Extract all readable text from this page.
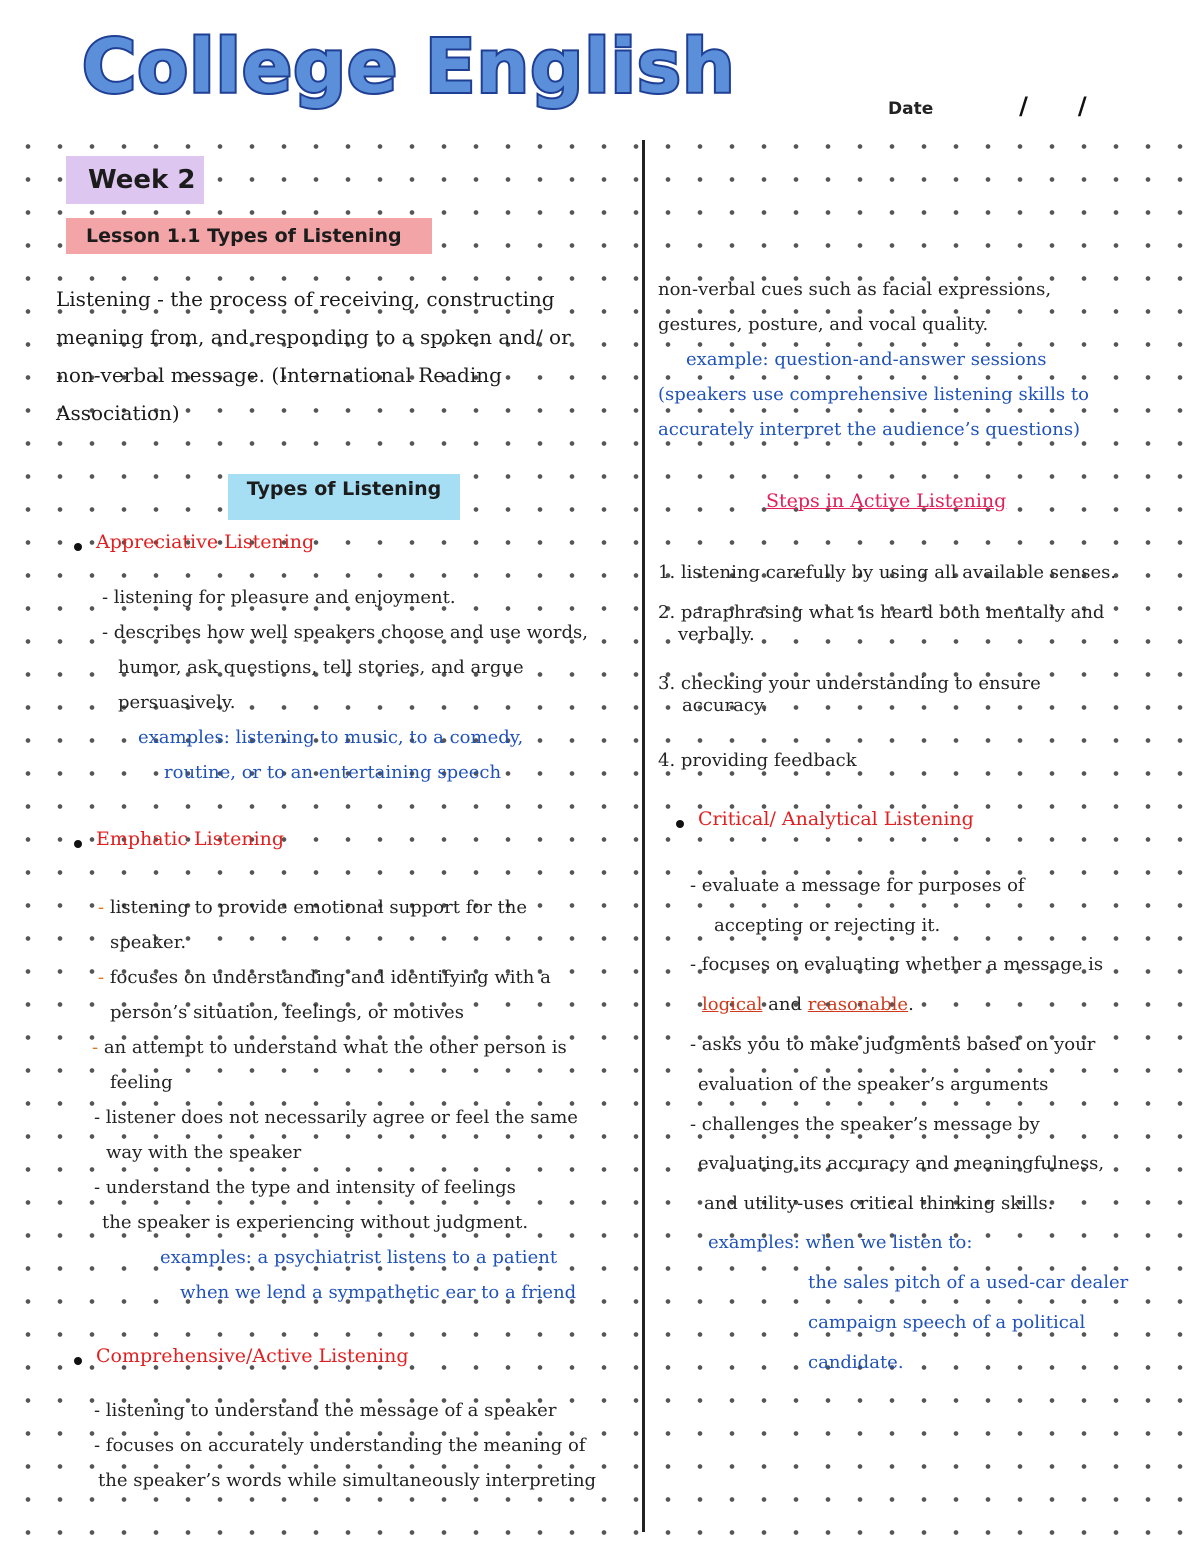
College English	Date	/ /
Week 2
Lesson 1.1 Types of Listening
Listening - the process of receiving, constructing
meaning from, and responding to a spoken and/ or
non-verbal message. (International Reading
Association)
Types of Listening
Appreciative Listening
- listening for pleasure and enjoyment.
- describes how well speakers choose and use words,
humor, ask questions, tell stories, and argue
persuasively.
examples: listening to music, to a comedy,
routine, or to an entertaining speech
Emphatic Listening
- listening to provide emotional support for the
speaker.
- focuses on understanding and identifying with a
person’s situation, feelings, or motives
- an attempt to understand what the other person is
feeling
- listener does not necessarily agree or feel the same
way with the speaker
- understand the type and intensity of feelings
the speaker is experiencing without judgment.
examples: a psychiatrist listens to a patient
when we lend a sympathetic ear to a friend
Comprehensive/Active Listening
- listening to understand the message of a speaker
- focuses on accurately understanding the meaning of
the speaker’s words while simultaneously interpreting
non-verbal cues such as facial expressions,
gestures, posture, and vocal quality.
example: question-and-answer sessions
(speakers use comprehensive listening skills to
accurately interpret the audience’s questions)
Steps in Active Listening
1. listening carefully by using all available senses.
2. paraphrasing what is heard both mentally and
verbally.
3. checking your understanding to ensure
accuracy.
4. providing feedback
Critical/ Analytical Listening
- evaluate a message for purposes of
accepting or rejecting it.
- focuses on evaluating whether a message is
logical and reasonable.
- asks you to make judgments based on your
evaluation of the speaker’s arguments
- challenges the speaker’s message by
evaluating its accuracy and meaningfulness,
and utility-uses critical thinking skills.
examples: when we listen to:
the sales pitch of a used-car dealer
campaign speech of a political
candidate.
